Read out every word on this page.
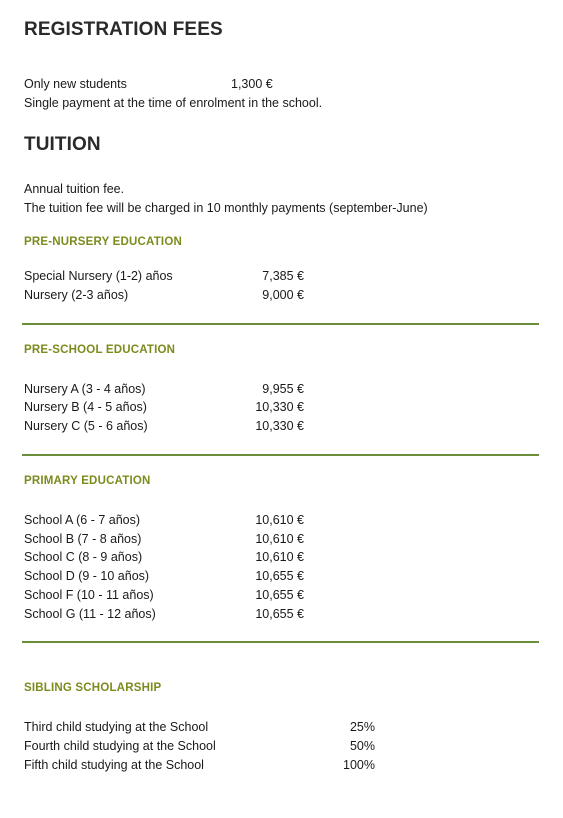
REGISTRATION FEES
Only new students	1,300 €
Single payment at the time of enrolment in the school.
TUITION
Annual tuition fee.
The tuition fee will be charged in 10 monthly payments (september-June)
PRE-NURSERY EDUCATION
Special Nursery (1-2) años	7,385 €
Nursery (2-3 años)	9,000 €
PRE-SCHOOL EDUCATION
Nursery A (3 - 4 años)	9,955 €
Nursery B (4 - 5 años)	10,330 €
Nursery C (5 - 6 años)	10,330 €
PRIMARY EDUCATION
School A (6 - 7 años)	10,610 €
School B (7 - 8 años)	10,610 €
School C (8 - 9 años)	10,610 €
School D (9 - 10 años)	10,655 €
School F (10 - 11 años)	10,655 €
School G (11 - 12 años)	10,655 €
SIBLING SCHOLARSHIP
Third child studying at the School	25%
Fourth child studying at the School	50%
Fifth child studying at the School	100%
